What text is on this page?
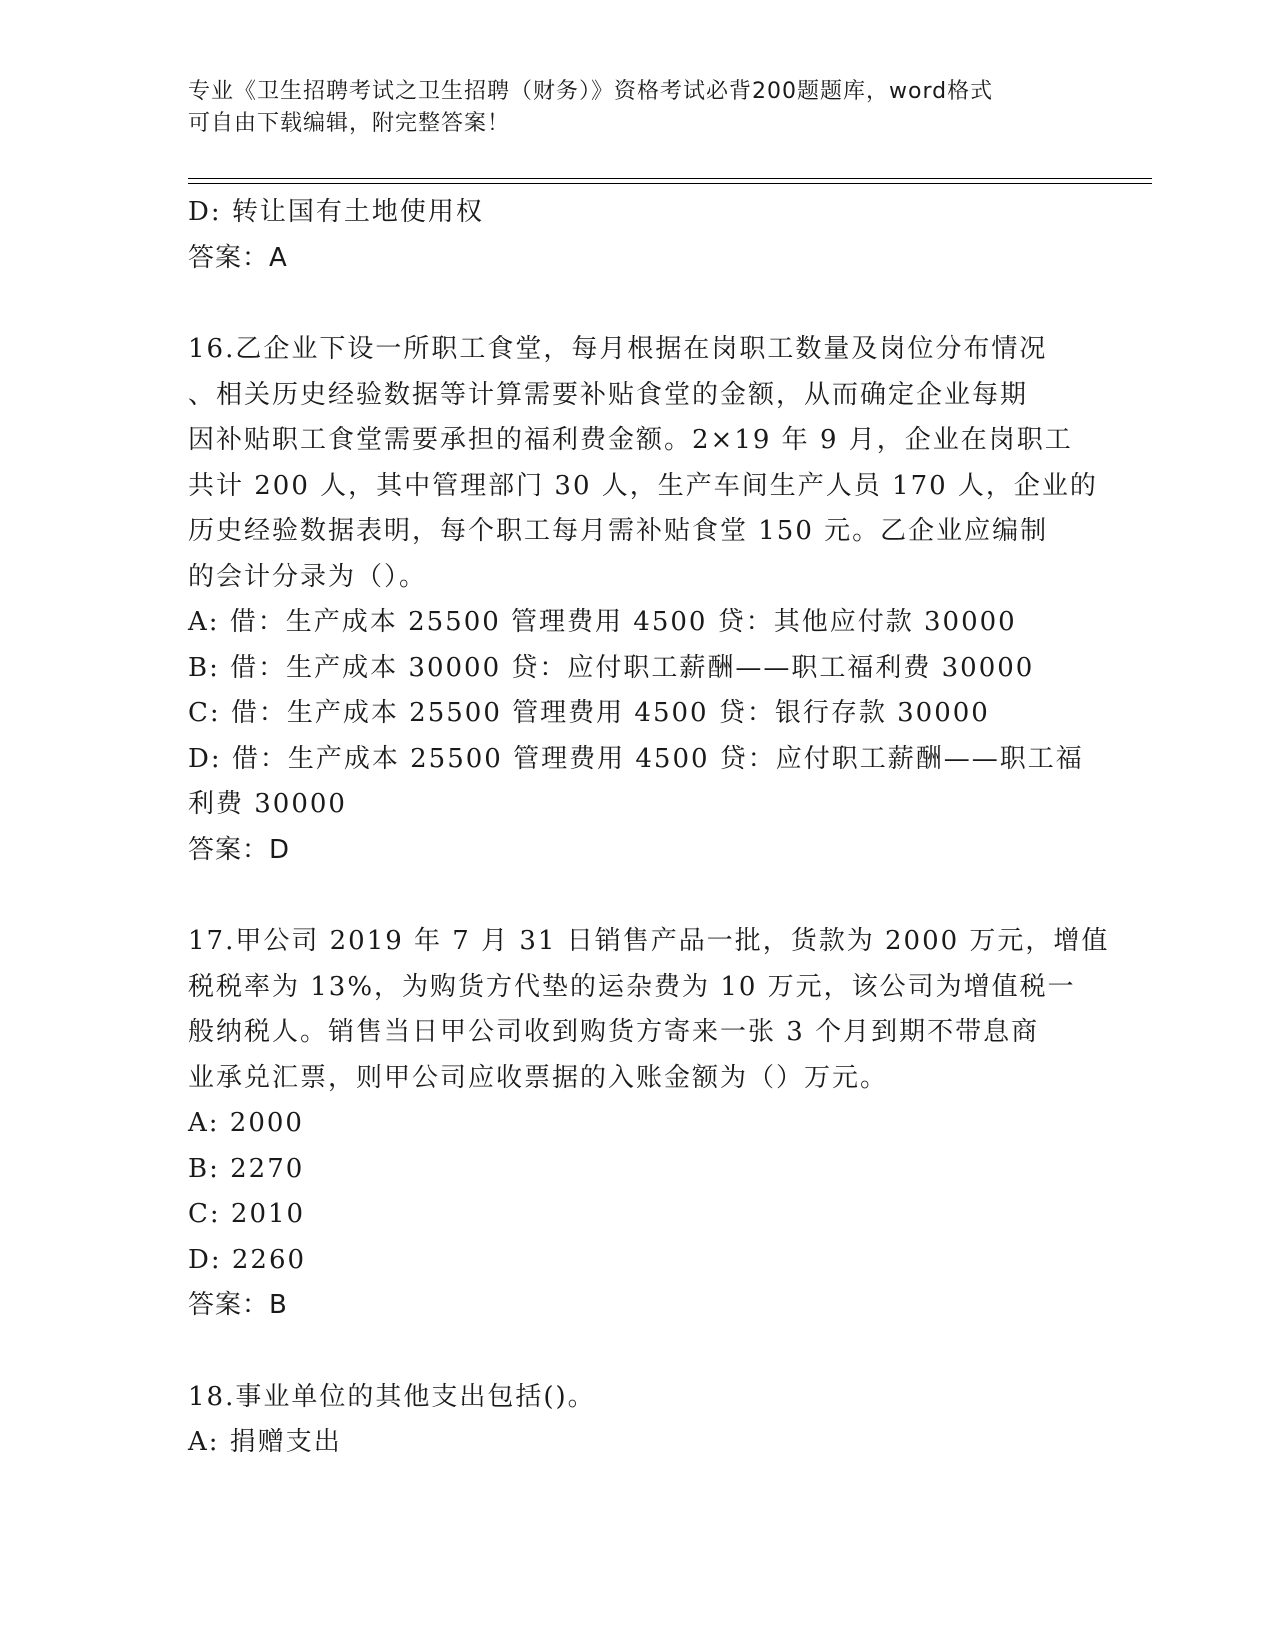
专业《卫生招聘考试之卫生招聘（财务）》资格考试必背200题题库，word格式
可自由下载编辑，附完整答案！
D: 转让国有土地使用权
答案：A
16.乙企业下设一所职工食堂，每月根据在岗职工数量及岗位分布情况
、相关历史经验数据等计算需要补贴食堂的金额，从而确定企业每期
因补贴职工食堂需要承担的福利费金额。2×19 年 9 月，企业在岗职工
共计 200 人，其中管理部门 30 人，生产车间生产人员 170 人，企业的
历史经验数据表明，每个职工每月需补贴食堂 150 元。乙企业应编制
的会计分录为（）。
A: 借：生产成本 25500 管理费用 4500 贷：其他应付款 30000
B: 借：生产成本 30000 贷：应付职工薪酬——职工福利费 30000
C: 借：生产成本 25500 管理费用 4500 贷：银行存款 30000
D: 借：生产成本 25500 管理费用 4500 贷：应付职工薪酬——职工福
利费 30000
答案：D
17.甲公司 2019 年 7 月 31 日销售产品一批，货款为 2000 万元，增值
税税率为 13%，为购货方代垫的运杂费为 10 万元，该公司为增值税一
般纳税人。销售当日甲公司收到购货方寄来一张 3 个月到期不带息商
业承兑汇票，则甲公司应收票据的入账金额为（）万元。
A: 2000
B: 2270
C: 2010
D: 2260
答案：B
18.事业单位的其他支出包括()。
A: 捐赠支出
